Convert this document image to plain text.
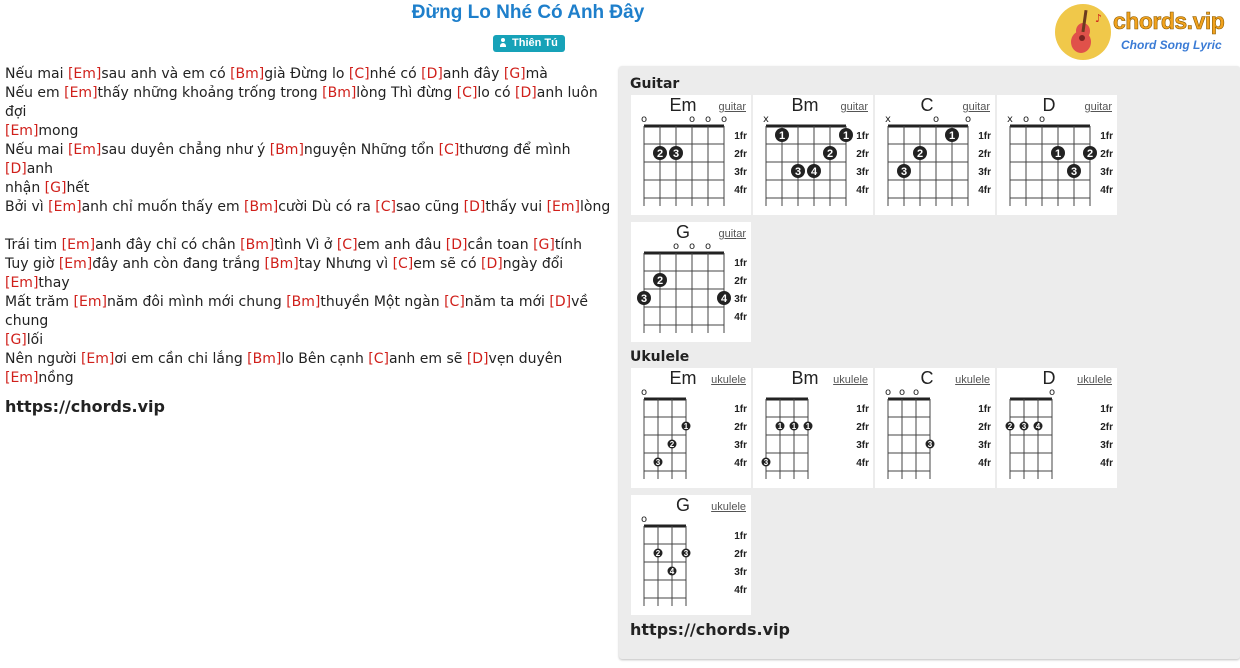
Đừng Lo Nhé Có Anh Đây
Thiên Tú
♪ chords.vip
Chord Song Lyric
Nếu mai [Em]sau anh và em có [Bm]già Đừng lo [C]nhé có [D]anh đây [G]mà
Nếu em [Em]thấy những khoảng trống trong [Bm]lòng Thì đừng [C]lo có [D]anh luôn đợi
[Em]mong
Nếu mai [Em]sau duyên chẳng như ý [Bm]nguyện Những tổn [C]thương để mình [D]anh
nhận [G]hết
Bởi vì [Em]anh chỉ muốn thấy em [Bm]cười Dù có ra [C]sao cũng [D]thấy vui [Em]lòng
Trái tim [Em]anh đây chỉ có chân [Bm]tình Vì ở [C]em anh đâu [D]cần toan [G]tính
Tuy giờ [Em]đây anh còn đang trắng [Bm]tay Nhưng vì [C]em sẽ có [D]ngày đổi [Em]thay
Mất trăm [Em]năm đôi mình mới chung [Bm]thuyền Một ngàn [C]năm ta mới [D]về chung
[G]lối
Nên người [Em]ơi em cần chi lắng [Bm]lo Bên cạnh [C]anh em sẽ [D]vẹn duyên [Em]nồng
https://chords.vip
Guitar
o	o o o
1fr
2fr
3fr
4fr
2 3
Em guitar
x
1fr
2fr
3fr
4fr
1	1
2
3 4
Bm guitar
x	o	o
1fr
2fr
3fr
4fr
1
2
3
C	guitar
x o o
1fr
2fr
3fr
4fr
1 2
3
D	guitar
o o o
1fr
2fr
3fr
4fr
2
3	4
G	guitar
Ukulele
o
1fr
2fr
3fr
4fr
1
2
3
Em ukulele
1fr
2fr
3fr
4fr
1 1 1
3
Bm ukulele
o o o
1fr
2fr
3fr
4fr
3
C	ukulele
o
1fr
2fr
3fr
4fr
2 3 4
D	ukulele
o
1fr
2fr
3fr
4fr
2	3
4
G	ukulele
https://chords.vip
